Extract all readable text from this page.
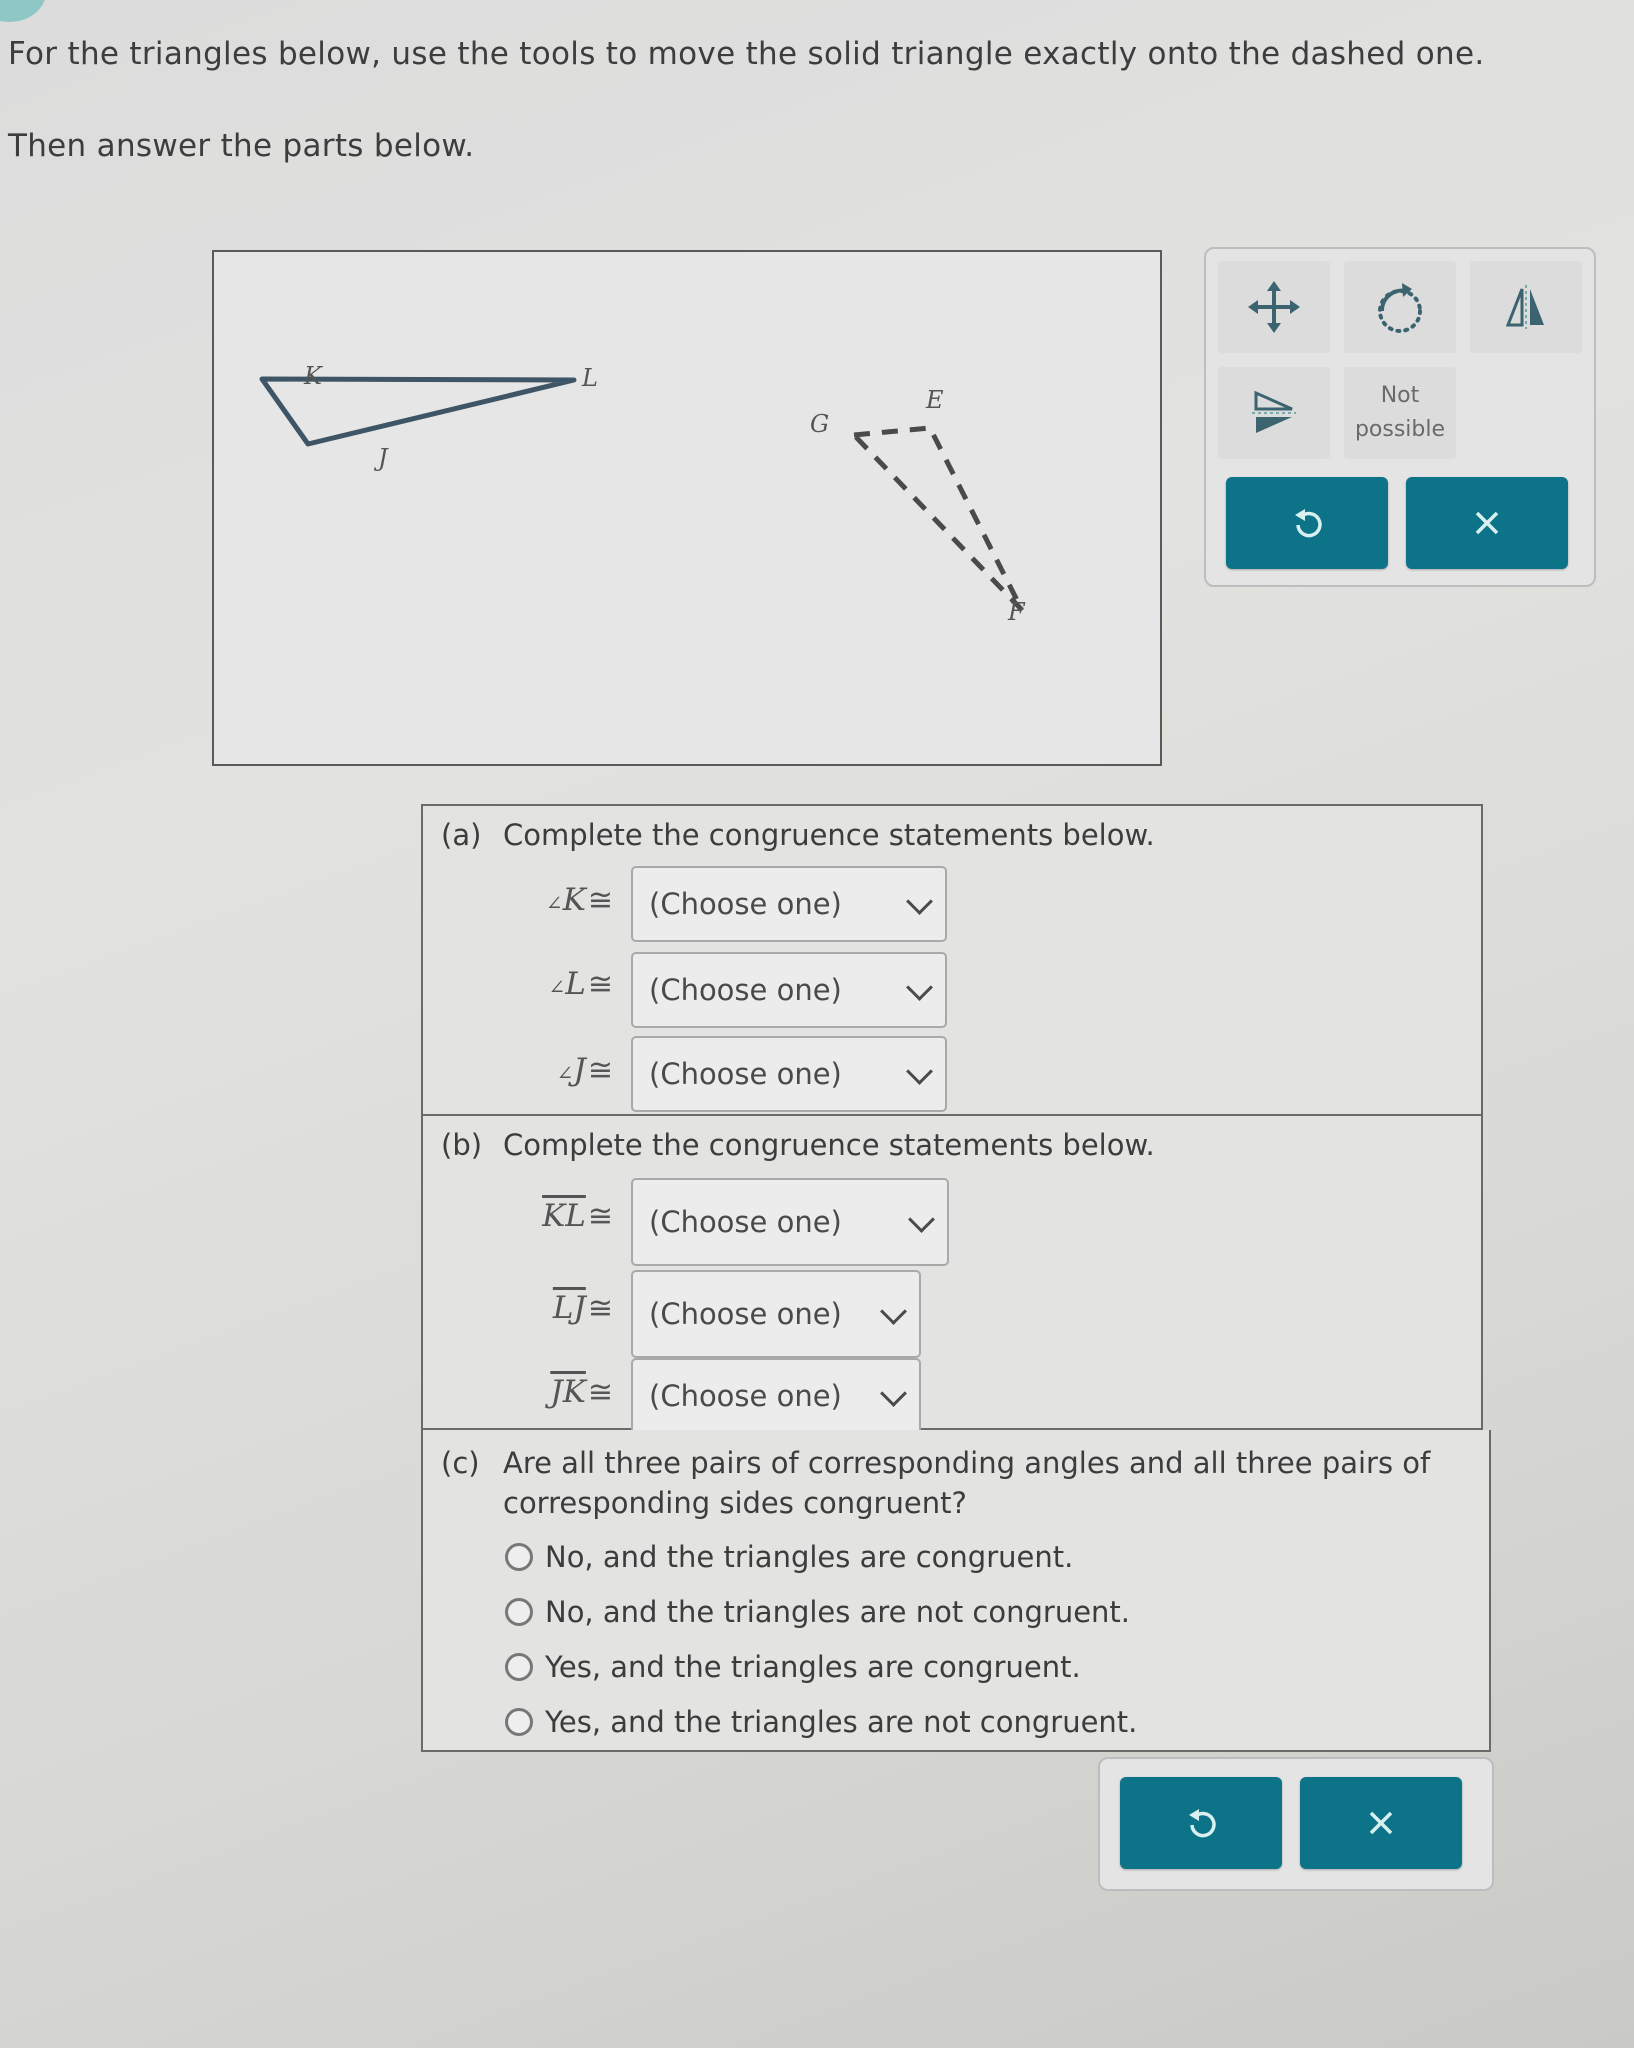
For the triangles below, use the tools to move the solid triangle exactly onto the dashed one.
Then answer the parts below.
K	L
J
G
E
F
Not
possible
(a) Complete the congruence statements below.
∠K≅ (Choose one)
∠L≅ (Choose one)
∠J≅ (Choose one)
(b) Complete the congruence statements below.
$\overline{KL}≅$ (Choose one)
$\overline{LJ}≅$ (Choose one)
$\overline{JK}≅$ (Choose one)
(c) Are all three pairs of corresponding angles and all three pairs of
corresponding sides congruent?
No, and the triangles are congruent.
No, and the triangles are not congruent.
Yes, and the triangles are congruent.
Yes, and the triangles are not congruent.
